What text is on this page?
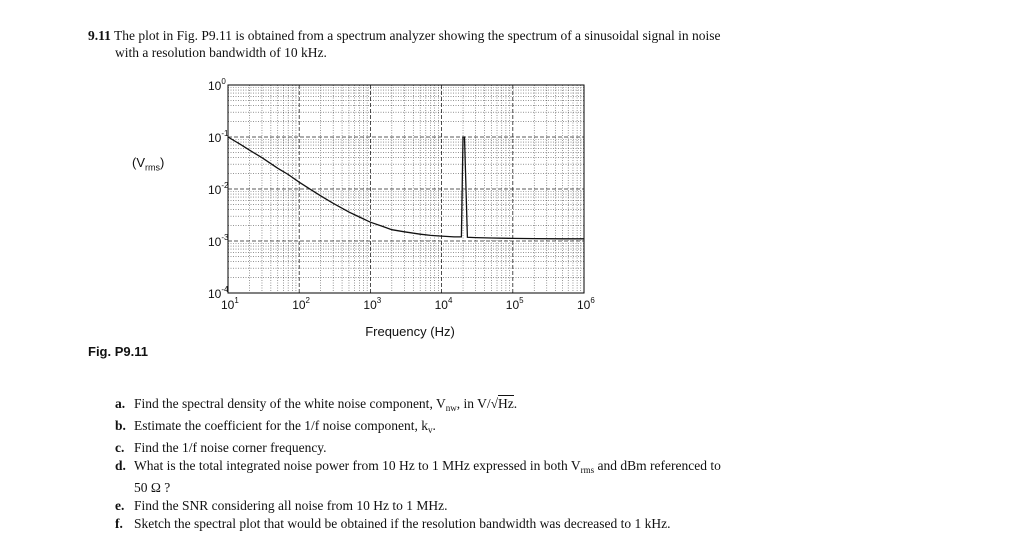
9.11 The plot in Fig. P9.11 is obtained from a spectrum analyzer showing the spectrum of a sinusoidal signal in noise
with a resolution bandwidth of 10 kHz.
$(V_{rms})$
$10^0$
$10^{-1}$
$10^{-2}$
$10^{-3}$
$10^{-4}$
$10^1$	$10^2$	$10^3$	$10^4$	$10^5$	$10^6$
Frequency (Hz)
Fig. P9.11
a. Find the spectral density of the white noise component, $V_{nw}$, in V/√Hz.
b. Estimate the coefficient for the 1/f noise component, $k_v$.
c. Find the 1/f noise corner frequency.
d. What is the total integrated noise power from 10 Hz to 1 MHz expressed in both $V_{rms}$ and dBm referenced to
50 Ω ?
e. Find the SNR considering all noise from 10 Hz to 1 MHz.
f. Sketch the spectral plot that would be obtained if the resolution bandwidth was decreased to 1 kHz.
